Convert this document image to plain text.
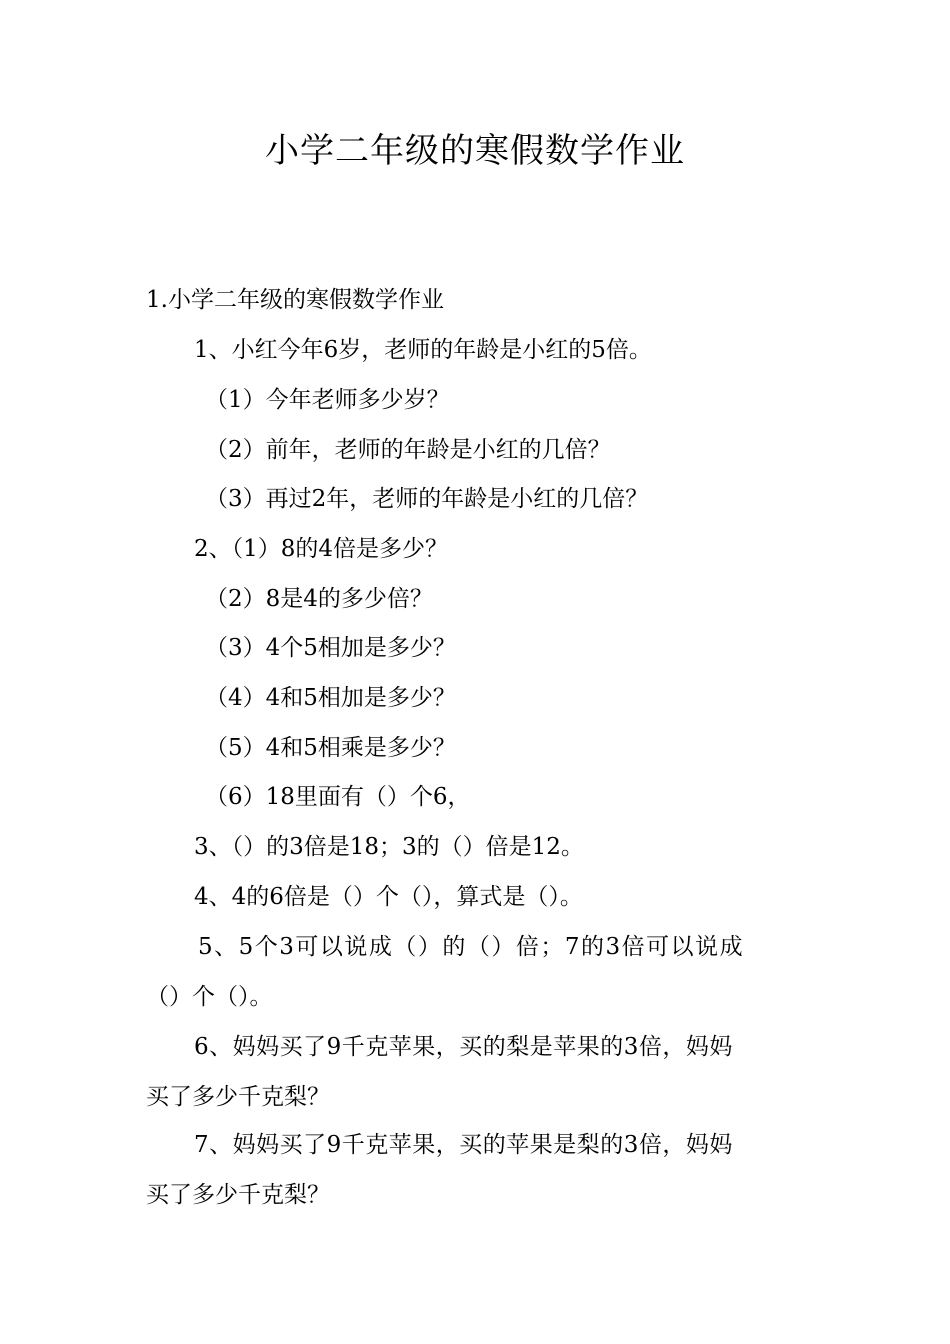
小学二年级的寒假数学作业
1.小学二年级的寒假数学作业
1、小红今年6岁，老师的年龄是小红的5倍。
（1）今年老师多少岁？
（2）前年，老师的年龄是小红的几倍？
（3）再过2年，老师的年龄是小红的几倍？
2、（1）8的4倍是多少？
（2）8是4的多少倍？
（3）4个5相加是多少？
（4）4和5相加是多少？
（5）4和5相乘是多少？
（6）18里面有（）个6，
3、（）的3倍是18；3的（）倍是12。
4、4的6倍是（）个（），算式是（）。
5、5个3可以说成（）的（）倍；7的3倍可以说成
（）个（）。
6、妈妈买了9千克苹果，买的梨是苹果的3倍，妈妈
买了多少千克梨？
7、妈妈买了9千克苹果，买的苹果是梨的3倍，妈妈
买了多少千克梨？
